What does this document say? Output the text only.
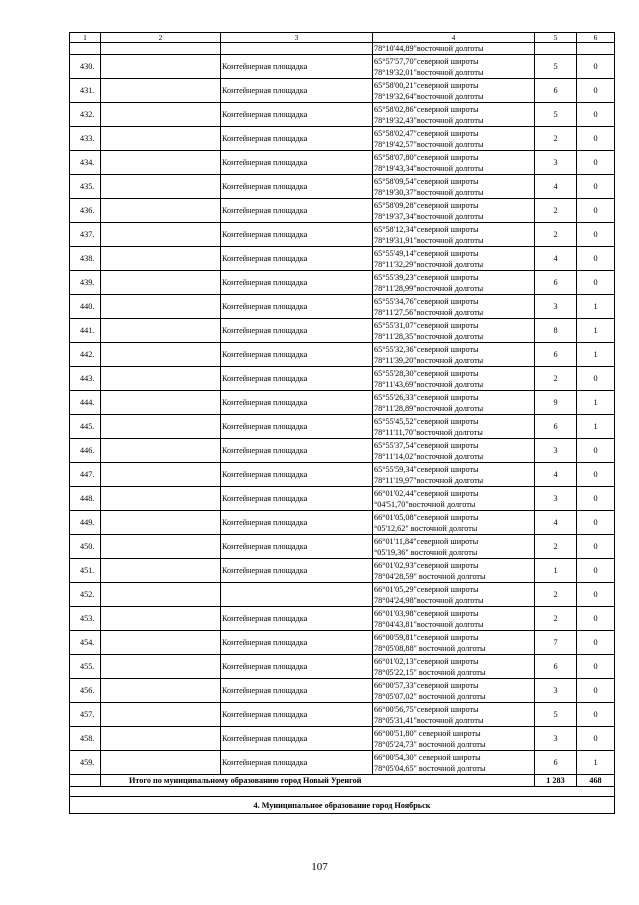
1	2	3	4	5	6
			78°10'44,89"восточной долготы		
430.		Контейнерная площадка	65°57'57,70"северной широты
78°19'32,01"восточной долготы	5	0
431.		Контейнерная площадка	65°58'00,21"северной широты
78°19'32,64"восточной долготы	6	0
432.		Контейнерная площадка	65°58'02,86"северной широты
78°19'32,43"восточной долготы	5	0
433.		Контейнерная площадка	65°58'02,47"северной широты
78°19'42,57"восточной долготы	2	0
434.		Контейнерная площадка	65°58'07,80"северной широты
78°19'43,34"восточной долготы	3	0
435.		Контейнерная площадка	65°58'09,54"северной широты
78°19'30,37"восточной долготы	4	0
436.		Контейнерная площадка	65°58'09,28"северной широты
78°19'37,34"восточной долготы	2	0
437.		Контейнерная площадка	65°58'12,34"северной широты
78°19'31,91"восточной долготы	2	0
438.		Контейнерная площадка	65°55'49,14"северной широты
78°11'32,29"восточной долготы	4	0
439.		Контейнерная площадка	65°55'39,23"северной широты
78°11'28,99"восточной долготы	6	0
440.		Контейнерная площадка	65°55'34,76"северной широты
78°11'27,56"восточной долготы	3	1
441.		Контейнерная площадка	65°55'31,07"северной широты
78°11'28,35"восточной долготы	8	1
442.		Контейнерная площадка	65°55'32,36"северной широты
78°11'39,20"восточной долготы	6	1
443.		Контейнерная площадка	65°55'28,30"северной широты
78°11'43,69"восточной долготы	2	0
444.		Контейнерная площадка	65°55'26,33"северной широты
78°11'28,89"восточной долготы	9	1
445.		Контейнерная площадка	65°55'45,52"северной широты
78°11'11,70"восточной долготы	6	1
446.		Контейнерная площадка	65°55'37,54"северной широты
78°11'14,02"восточной долготы	3	0
447.		Контейнерная площадка	65°55'59,34"северной широты
78°11'19,97"восточной долготы	4	0
448.		Контейнерная площадка	66°01'02,44"северной широты
°04'51,70"восточной долготы	3	0
449.		Контейнерная площадка	66°01'05,08"северной широты
°05'12,62" восточной долготы	4	0
450.		Контейнерная площадка	66°01'11,84"северной широты
°05'19,36" восточной долготы	2	0
451.		Контейнерная площадка	66°01'02,93"северной широты
78°04'28,59" восточной долготы	1	0
452.			66°01'05,29"северной широты
78°04'24,98"восточной долготы	2	0
453.		Контейнерная площадка	66°01'03,98"северной широты
78°04'43,81"восточной долготы	2	0
454.		Контейнерная площадка	66°00'59,81"северной широты
78°05'08,88" восточной долготы	7	0
455.		Контейнерная площадка	66°01'02,13"северной широты
78°05'22,15" восточной долготы	6	0
456.		Контейнерная площадка	66°00'57,33"северной широты
78°05'07,02" восточной долготы	3	0
457.		Контейнерная площадка	66°00'56,75"северной широты
78°05'31,41"восточной долготы	5	0
458.		Контейнерная площадка	66°00'51,80" северной широты
78°05'24,73" восточной долготы	3	0
459.		Контейнерная площадка	66°00'54,30" северной широты
78°05'04,65" восточной долготы	6	1
	Итого по муниципальному образованию город Новый Уренгой			1 283	468

4. Муниципальное образование город Ноябрьск					
107
